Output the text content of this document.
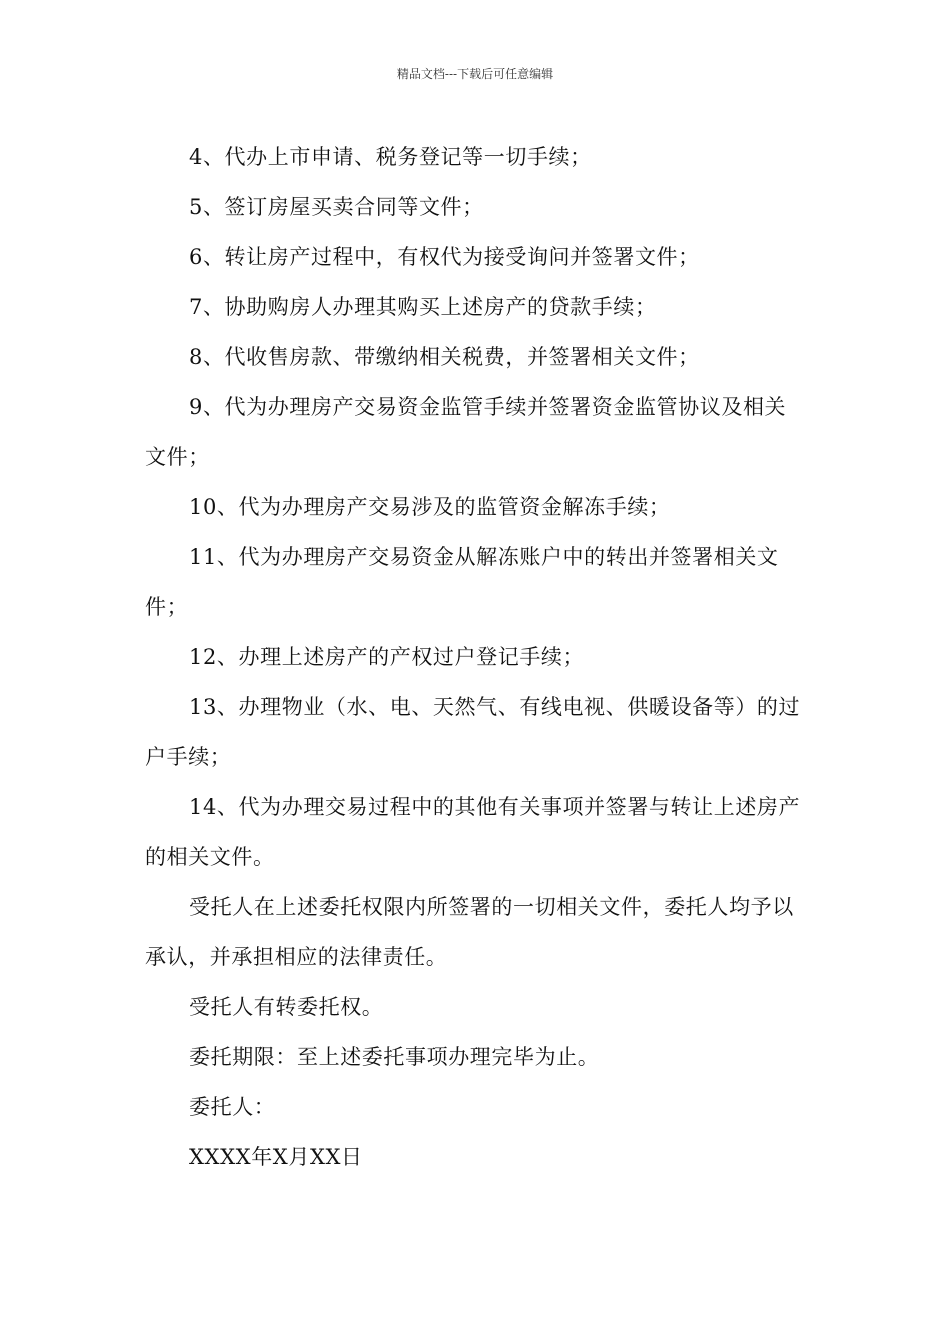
精品文档---下载后可任意编辑

4、代办上市申请、税务登记等一切手续；

5、签订房屋买卖合同等文件；

6、转让房产过程中，有权代为接受询问并签署文件；

7、协助购房人办理其购买上述房产的贷款手续；

8、代收售房款、带缴纳相关税费，并签署相关文件；

9、代为办理房产交易资金监管手续并签署资金监管协议及相关文件；

10、代为办理房产交易涉及的监管资金解冻手续；

11、代为办理房产交易资金从解冻账户中的转出并签署相关文件；

12、办理上述房产的产权过户登记手续；

13、办理物业（水、电、天然气、有线电视、供暖设备等）的过户手续；

14、代为办理交易过程中的其他有关事项并签署与转让上述房产的相关文件。

受托人在上述委托权限内所签署的一切相关文件，委托人均予以承认，并承担相应的法律责任。

受托人有转委托权。

委托期限：至上述委托事项办理完毕为止。

委托人：

XXXX年X月XX日
